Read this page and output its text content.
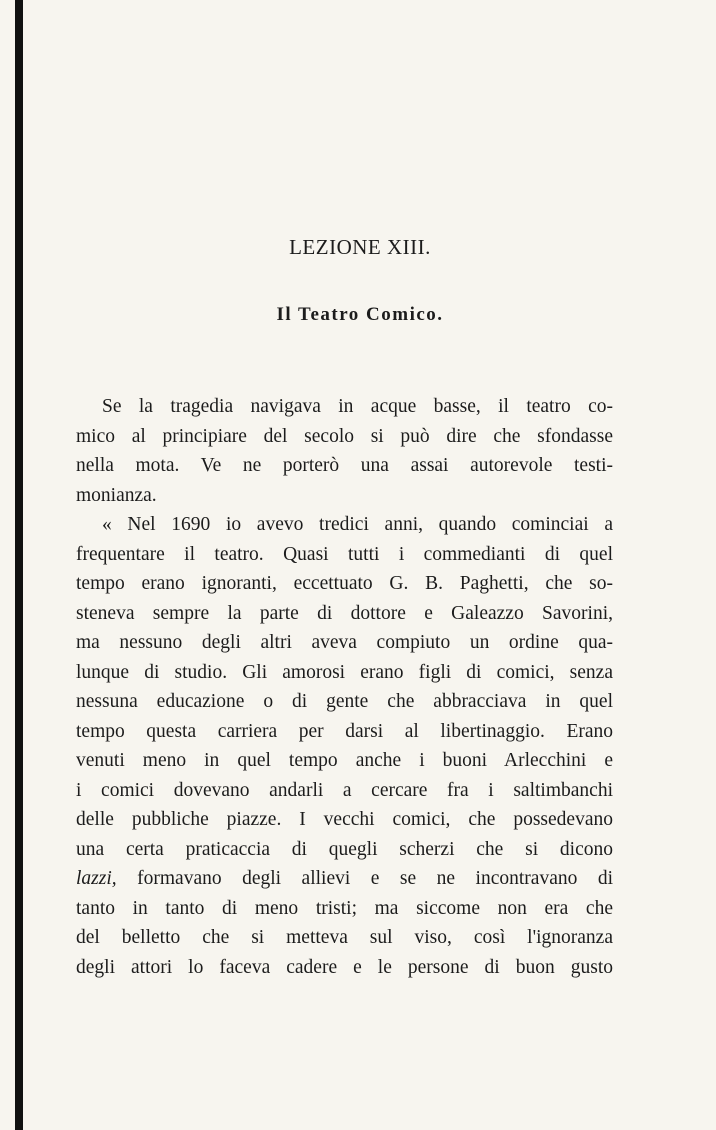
LEZIONE XIII.
Il Teatro Comico.
Se la tragedia navigava in acque basse, il teatro co-
mico al principiare del secolo si può dire che sfondasse
nella mota. Ve ne porterò una assai autorevole testi-
monianza.
« Nel 1690 io avevo tredici anni, quando cominciai a
frequentare il teatro. Quasi tutti i commedianti di quel
tempo erano ignoranti, eccettuato G. B. Paghetti, che so-
steneva sempre la parte di dottore e Galeazzo Savorini,
ma nessuno degli altri aveva compiuto un ordine qua-
lunque di studio. Gli amorosi erano figli di comici, senza
nessuna educazione o di gente che abbracciava in quel
tempo questa carriera per darsi al libertinaggio. Erano
venuti meno in quel tempo anche i buoni Arlecchini e
i comici dovevano andarli a cercare fra i saltimbanchi
delle pubbliche piazze. I vecchi comici, che possedevano
una certa praticaccia di quegli scherzi che si dicono
lazzi, formavano degli allievi e se ne incontravano di
tanto in tanto di meno tristi; ma siccome non era che
del belletto che si metteva sul viso, così l'ignoranza
degli attori lo faceva cadere e le persone di buon gusto
